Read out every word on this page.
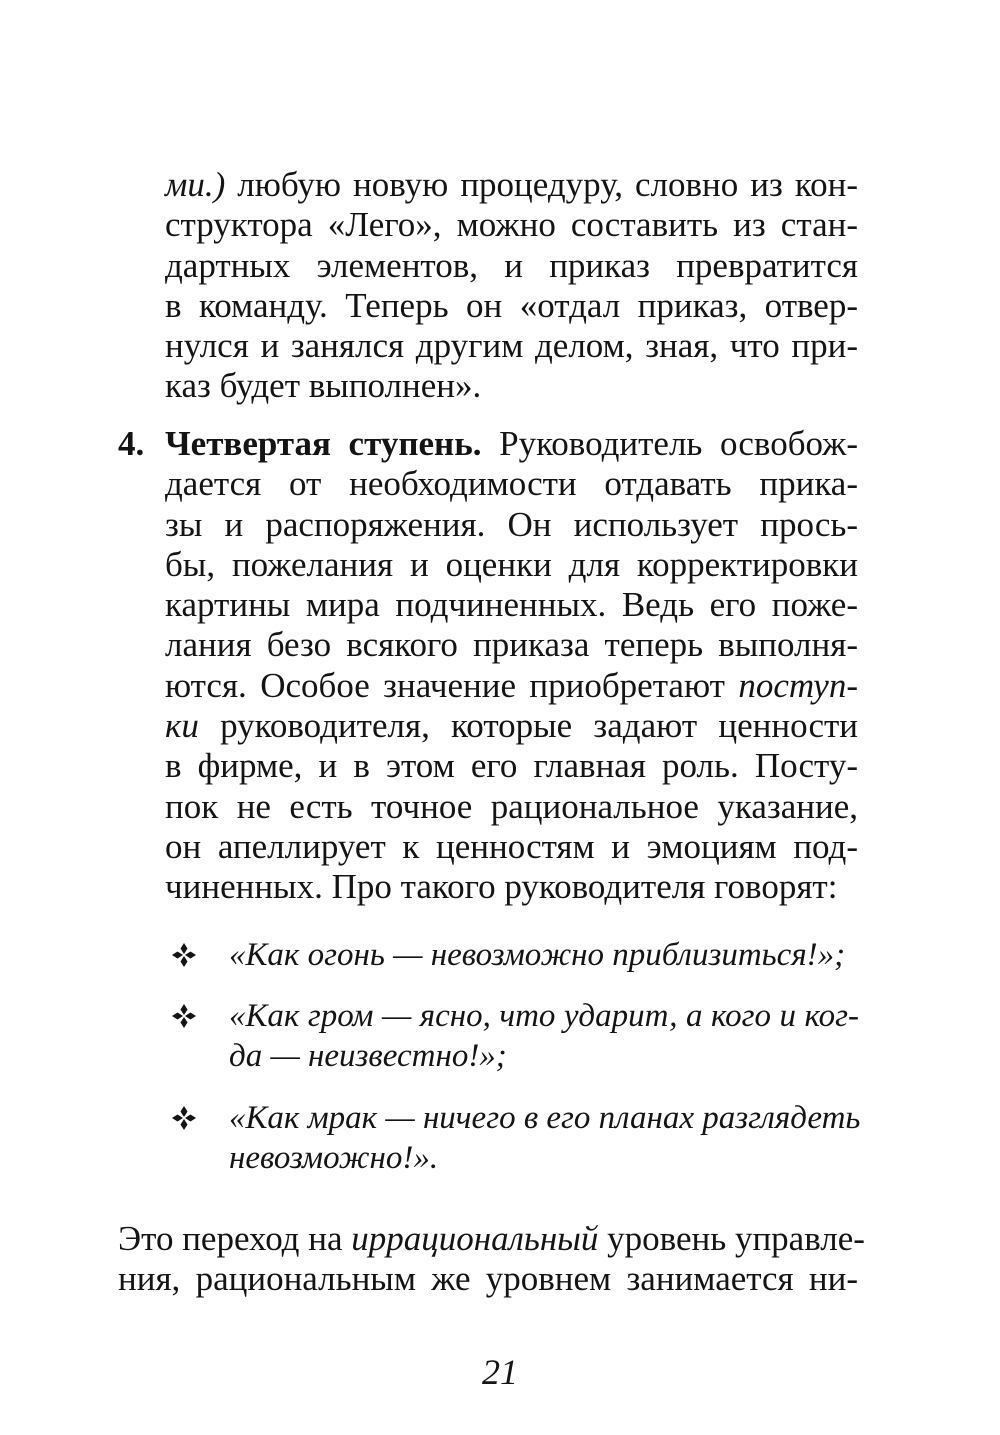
ми.) любую новую процедуру, словно из кон-
структора «Лего», можно составить из стан-
дартных элементов, и приказ превратится
в команду. Теперь он «отдал приказ, отвер-
нулся и занялся другим делом, зная, что при-
каз будет выполнен».
4. Четвертая ступень. Руководитель освобож-
дается от необходимости отдавать прика-
зы и распоряжения. Он использует прось-
бы, пожелания и оценки для корректировки
картины мира подчиненных. Ведь его поже-
лания безо всякого приказа теперь выполня-
ются. Особое значение приобретают поступ-
ки руководителя, которые задают ценности
в фирме, и в этом его главная роль. Посту-
пок не есть точное рациональное указание,
он апеллирует к ценностям и эмоциям под-
чиненных. Про такого руководителя говорят:
«Как огонь — невозможно приблизиться!»;
«Как гром — ясно, что ударит, а кого и ког-
да — неизвестно!»;
«Как мрак — ничего в его планах разглядеть
невозможно!».
Это переход на иррациональный уровень управле-
ния, рациональным же уровнем занимается ни-
21
